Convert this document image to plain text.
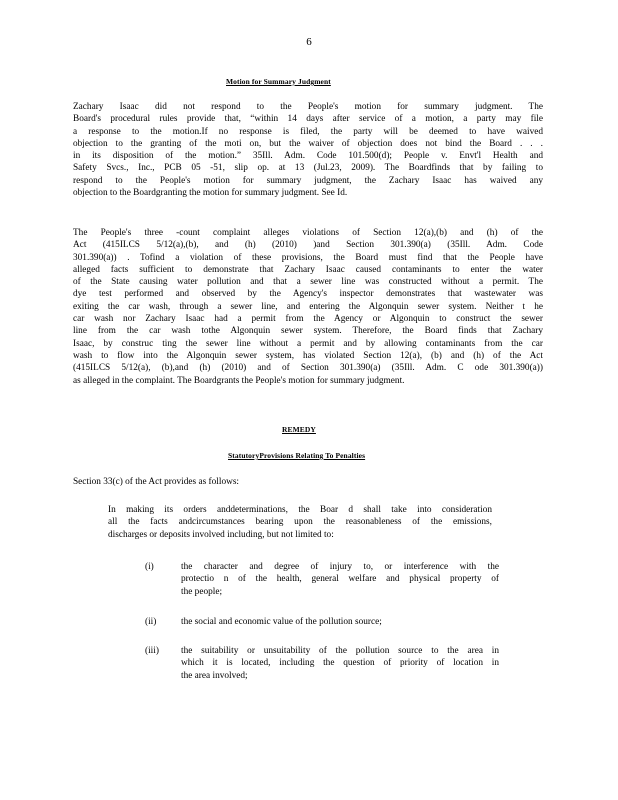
6
Motion for Summary Judgment
Zachary Isaac did not respond to the People's motion for summary judgment. The
Board's procedural rules provide that, “within 14 days after service of a motion, a party may file
a response to the motion.If no response is filed, the party will be deemed to have waived
objection to the granting of the moti on, but the waiver of objection does not bind the Board . . .
in its disposition of the motion.” 35Ill. Adm. Code 101.500(d); People v. Envt'l Health and
Safety Svcs., Inc., PCB 05 -51, slip op. at 13 (Jul.23, 2009). The Boardfinds that by failing to
respond to the People's motion for summary judgment, the Zachary Isaac has waived any
objection to the Boardgranting the motion for summary judgment. See Id.
The People's three -count complaint alleges violations of Section 12(a),(b) and (h) of the
Act (415ILCS 5/12(a),(b), and (h) (2010) )and Section 301.390(a) (35Ill. Adm. Code
301.390(a)) . Tofind a violation of these provisions, the Board must find that the People have
alleged facts sufficient to demonstrate that Zachary Isaac caused contaminants to enter the water
of the State causing water pollution and that a sewer line was constructed without a permit. The
dye test performed and observed by the Agency's inspector demonstrates that wastewater was
exiting the car wash, through a sewer line, and entering the Algonquin sewer system. Neither t he
car wash nor Zachary Isaac had a permit from the Agency or Algonquin to construct the sewer
line from the car wash tothe Algonquin sewer system. Therefore, the Board finds that Zachary
Isaac, by construc ting the sewer line without a permit and by allowing contaminants from the car
wash to flow into the Algonquin sewer system, has violated Section 12(a), (b) and (h) of the Act
(415ILCS 5/12(a), (b),and (h) (2010) and of Section 301.390(a) (35Ill. Adm. C ode 301.390(a))
as alleged in the complaint. The Boardgrants the People's motion for summary judgment.
REMEDY
StatutoryProvisions Relating To Penalties
Section 33(c) of the Act provides as follows:
In making its orders anddeterminations, the Boar d shall take into consideration
all the facts andcircumstances bearing upon the reasonableness of the emissions,
discharges or deposits involved including, but not limited to:
(i)	the character and degree of injury to, or interference with the
protectio n of the health, general welfare and physical property of
the people;
(ii)	the social and economic value of the pollution source;
(iii)	the suitability or unsuitability of the pollution source to the area in
which it is located, including the question of priority of location in
the area involved;
